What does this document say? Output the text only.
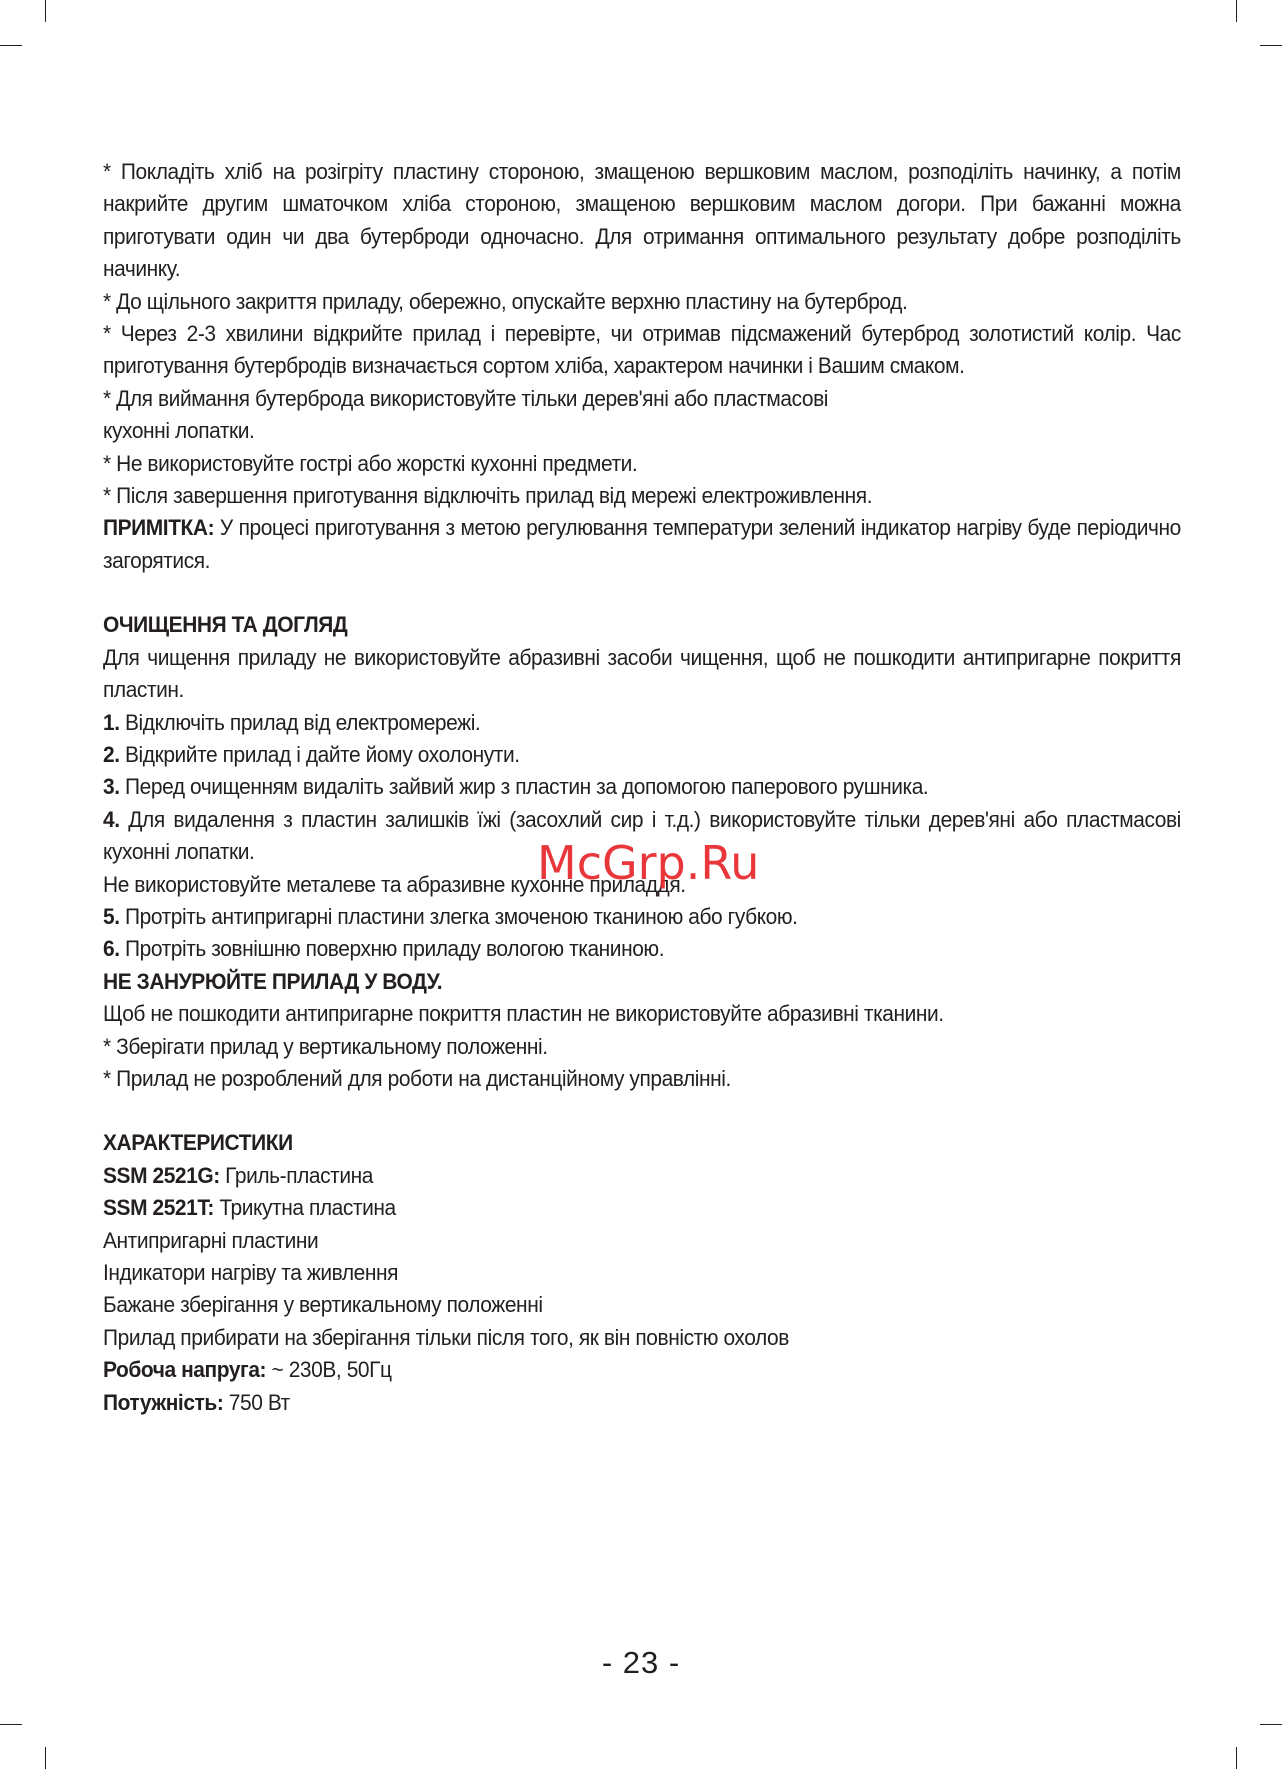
* Покладіть хліб на розігріту пластину стороною, змащеною вершковим маслом, розподіліть начинку, а потім накрийте другим шматочком хліба стороною, змащеною вершковим маслом догори. При бажанні можна приготувати один чи два бутерброди одночасно. Для отримання оптимального результату добре розподіліть начинку.

* До щільного закриття приладу, обережно, опускайте верхню пластину на бутерброд.

* Через 2-3 хвилини відкрийте прилад і перевірте, чи отримав підсмажений бутерброд золотистий колір. Час приготування бутербродів визначається сортом хліба, характером начинки і Вашим смаком.

* Для виймання бутерброда використовуйте тільки дерев'яні або пластмасові

кухонні лопатки.

* Не використовуйте гострі або жорсткі кухонні предмети.

* Після завершення приготування відключіть прилад від мережі електроживлення.

ПРИМІТКА: У процесі приготування з метою регулювання температури зелений індикатор нагріву буде періодично загорятися.

ОЧИЩЕННЯ ТА ДОГЛЯД

Для чищення приладу не використовуйте абразивні засоби чищення, щоб не пошкодити антипригарне покриття пластин.

1. Відключіть прилад від електромережі.

2. Відкрийте прилад і дайте йому охолонути.

3. Перед очищенням видаліть зайвий жир з пластин за допомогою паперового рушника.

4. Для видалення з пластин залишків їжі (засохлий сир і т.д.) використовуйте тільки дерев'яні або пластмасові кухонні лопатки.

Не використовуйте металеве та абразивне кухонне приладдя.

5. Протріть антипригарні пластини злегка змоченою тканиною або губкою.

6. Протріть зовнішню поверхню приладу вологою тканиною.

НЕ ЗАНУРЮЙТЕ ПРИЛАД У ВОДУ.

Щоб не пошкодити антипригарне покриття пластин не використовуйте абразивні тканини.

* Зберігати прилад у вертикальному положенні.

* Прилад не розроблений для роботи на дистанційному управлінні.

ХАРАКТЕРИСТИКИ

SSM 2521G: Гриль-пластина

SSM 2521T: Трикутна пластина

Антипригарні пластини

Індикатори нагріву та живлення

Бажане зберігання у вертикальному положенні

Прилад прибирати на зберігання тільки після того, як він повністю охолов

Робоча напруга: ~ 230В, 50Гц

Потужність: 750 Вт

McGrp.Ru
- 23 -
